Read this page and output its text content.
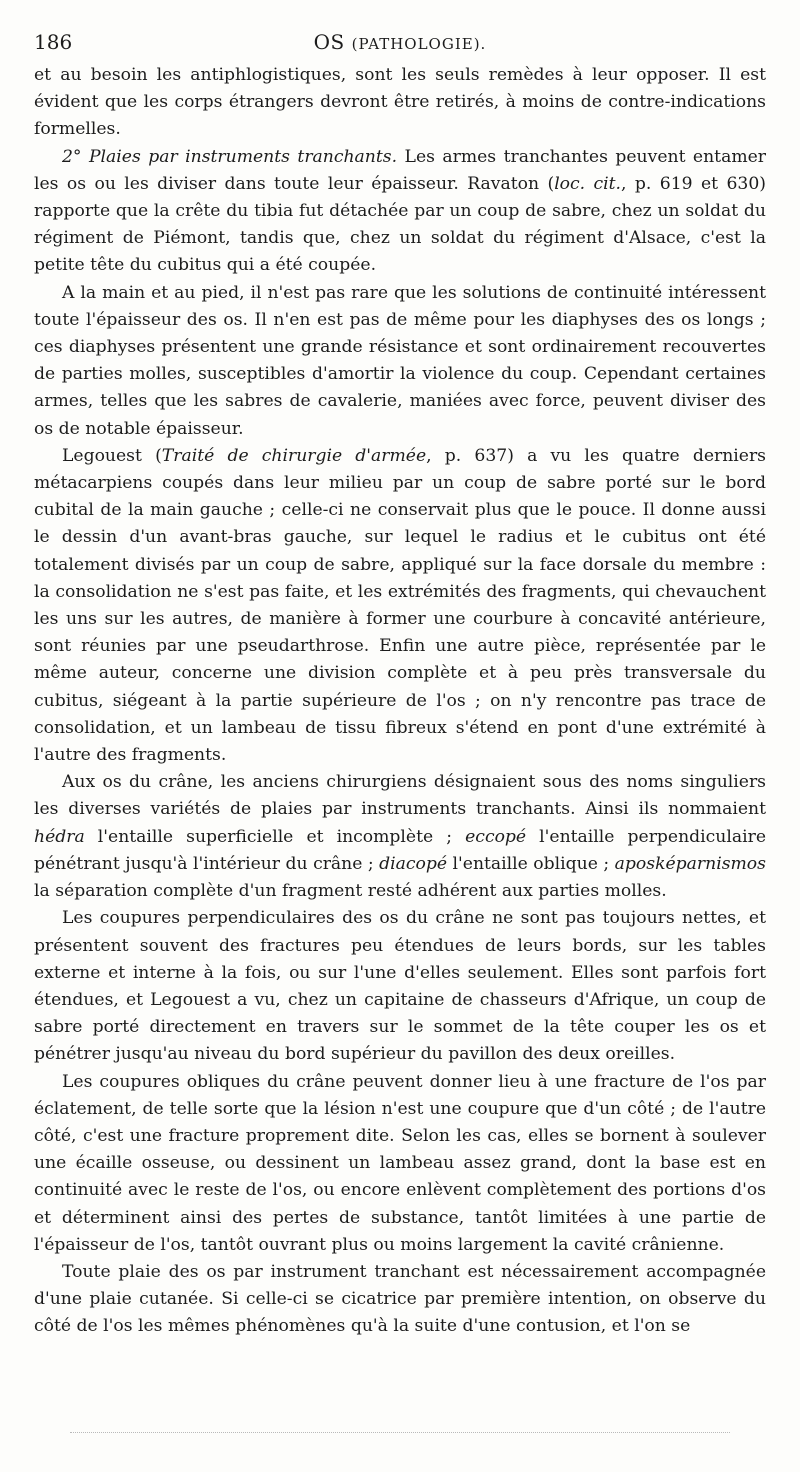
186	OS (PATHOLOGIE).

et au besoin les antiphlogistiques, sont les seuls remèdes à leur opposer. Il est évident que les corps étrangers devront être retirés, à moins de contre-indications formelles.

2° Plaies par instruments tranchants. Les armes tranchantes peuvent entamer les os ou les diviser dans toute leur épaisseur. Ravaton (loc. cit., p. 619 et 630) rapporte que la crête du tibia fut détachée par un coup de sabre, chez un soldat du régiment de Piémont, tandis que, chez un soldat du régiment d'Alsace, c'est la petite tête du cubitus qui a été coupée.

A la main et au pied, il n'est pas rare que les solutions de continuité intéressent toute l'épaisseur des os. Il n'en est pas de même pour les diaphyses des os longs ; ces diaphyses présentent une grande résistance et sont ordinairement recouvertes de parties molles, susceptibles d'amortir la violence du coup. Cependant certaines armes, telles que les sabres de cavalerie, maniées avec force, peuvent diviser des os de notable épaisseur.

Legouest (Traité de chirurgie d'armée, p. 637) a vu les quatre derniers métacarpiens coupés dans leur milieu par un coup de sabre porté sur le bord cubital de la main gauche ; celle-ci ne conservait plus que le pouce. Il donne aussi le dessin d'un avant-bras gauche, sur lequel le radius et le cubitus ont été totalement divisés par un coup de sabre, appliqué sur la face dorsale du membre : la consolidation ne s'est pas faite, et les extrémités des fragments, qui chevauchent les uns sur les autres, de manière à former une courbure à concavité antérieure, sont réunies par une pseudarthrose. Enfin une autre pièce, représentée par le même auteur, concerne une division complète et à peu près transversale du cubitus, siégeant à la partie supérieure de l'os ; on n'y rencontre pas trace de consolidation, et un lambeau de tissu fibreux s'étend en pont d'une extrémité à l'autre des fragments.

Aux os du crâne, les anciens chirurgiens désignaient sous des noms singuliers les diverses variétés de plaies par instruments tranchants. Ainsi ils nommaient hédra l'entaille superficielle et incomplète ; eccopé l'entaille perpendiculaire pénétrant jusqu'à l'intérieur du crâne ; diacopé l'entaille oblique ; aposképarnismos la séparation complète d'un fragment resté adhérent aux parties molles.

Les coupures perpendiculaires des os du crâne ne sont pas toujours nettes, et présentent souvent des fractures peu étendues de leurs bords, sur les tables externe et interne à la fois, ou sur l'une d'elles seulement. Elles sont parfois fort étendues, et Legouest a vu, chez un capitaine de chasseurs d'Afrique, un coup de sabre porté directement en travers sur le sommet de la tête couper les os et pénétrer jusqu'au niveau du bord supérieur du pavillon des deux oreilles.

Les coupures obliques du crâne peuvent donner lieu à une fracture de l'os par éclatement, de telle sorte que la lésion n'est une coupure que d'un côté ; de l'autre côté, c'est une fracture proprement dite. Selon les cas, elles se bornent à soulever une écaille osseuse, ou dessinent un lambeau assez grand, dont la base est en continuité avec le reste de l'os, ou encore enlèvent complètement des portions d'os et déterminent ainsi des pertes de substance, tantôt limitées à une partie de l'épaisseur de l'os, tantôt ouvrant plus ou moins largement la cavité crânienne.

Toute plaie des os par instrument tranchant est nécessairement accompagnée d'une plaie cutanée. Si celle-ci se cicatrice par première intention, on observe du côté de l'os les mêmes phénomènes qu'à la suite d'une contusion, et l'on se
